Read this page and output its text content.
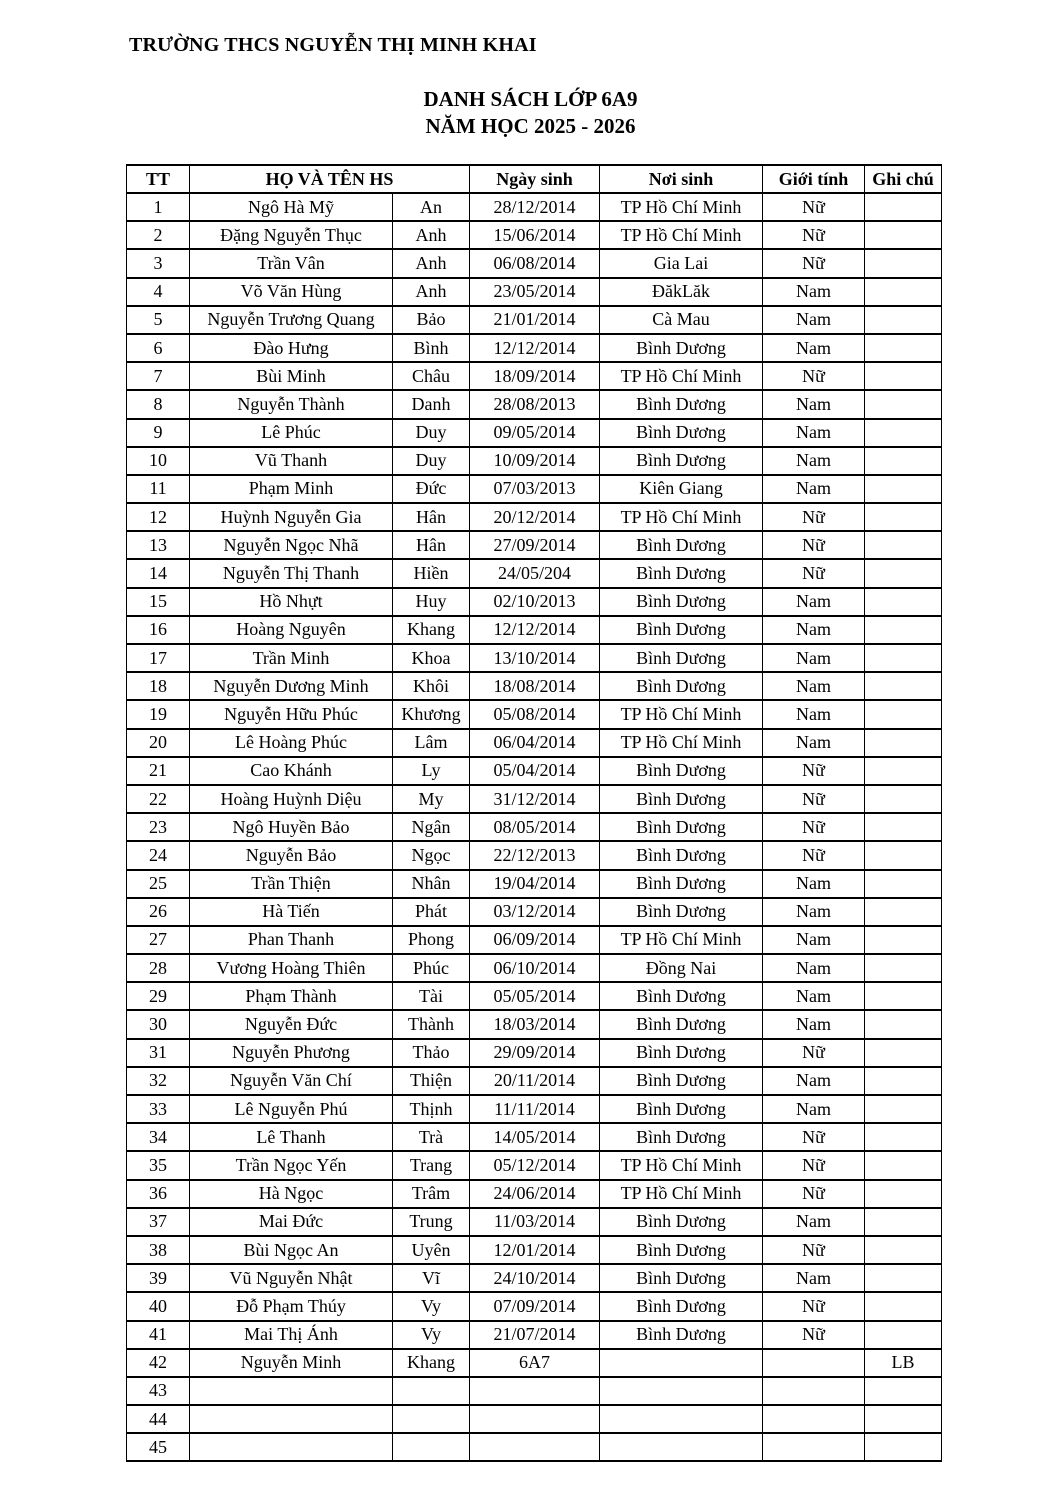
TRƯỜNG THCS NGUYỄN THỊ MINH KHAI
DANH SÁCH LỚP 6A9
NĂM HỌC 2025 - 2026
TT	HỌ VÀ TÊN HS		Ngày sinh	Nơi sinh	Giới tính	Ghi chú
1	Ngô Hà Mỹ	An	28/12/2014	TP Hồ Chí Minh	Nữ	
2	Đặng Nguyễn Thục	Anh	15/06/2014	TP Hồ Chí Minh	Nữ	
3	Trần Vân	Anh	06/08/2014	Gia Lai	Nữ	
4	Võ Văn Hùng	Anh	23/05/2014	ĐăkLăk	Nam	
5	Nguyễn Trương Quang	Bảo	21/01/2014	Cà Mau	Nam	
6	Đào Hưng	Bình	12/12/2014	Bình Dương	Nam	
7	Bùi Minh	Châu	18/09/2014	TP Hồ Chí Minh	Nữ	
8	Nguyễn Thành	Danh	28/08/2013	Bình Dương	Nam	
9	Lê Phúc	Duy	09/05/2014	Bình Dương	Nam	
10	Vũ Thanh	Duy	10/09/2014	Bình Dương	Nam	
11	Phạm Minh	Đức	07/03/2013	Kiên Giang	Nam	
12	Huỳnh Nguyễn Gia	Hân	20/12/2014	TP Hồ Chí Minh	Nữ	
13	Nguyễn Ngọc Nhã	Hân	27/09/2014	Bình Dương	Nữ	
14	Nguyễn Thị Thanh	Hiền	24/05/204	Bình Dương	Nữ	
15	Hồ Nhựt	Huy	02/10/2013	Bình Dương	Nam	
16	Hoàng Nguyên	Khang	12/12/2014	Bình Dương	Nam	
17	Trần Minh	Khoa	13/10/2014	Bình Dương	Nam	
18	Nguyễn Dương Minh	Khôi	18/08/2014	Bình Dương	Nam	
19	Nguyễn Hữu Phúc	Khương	05/08/2014	TP Hồ Chí Minh	Nam	
20	Lê Hoàng Phúc	Lâm	06/04/2014	TP Hồ Chí Minh	Nam	
21	Cao Khánh	Ly	05/04/2014	Bình Dương	Nữ	
22	Hoàng Huỳnh Diệu	My	31/12/2014	Bình Dương	Nữ	
23	Ngô Huyền Bảo	Ngân	08/05/2014	Bình Dương	Nữ	
24	Nguyễn Bảo	Ngọc	22/12/2013	Bình Dương	Nữ	
25	Trần Thiện	Nhân	19/04/2014	Bình Dương	Nam	
26	Hà Tiến	Phát	03/12/2014	Bình Dương	Nam	
27	Phan Thanh	Phong	06/09/2014	TP Hồ Chí Minh	Nam	
28	Vương Hoàng Thiên	Phúc	06/10/2014	Đồng Nai	Nam	
29	Phạm Thành	Tài	05/05/2014	Bình Dương	Nam	
30	Nguyễn Đức	Thành	18/03/2014	Bình Dương	Nam	
31	Nguyễn Phương	Thảo	29/09/2014	Bình Dương	Nữ	
32	Nguyễn Văn Chí	Thiện	20/11/2014	Bình Dương	Nam	
33	Lê Nguyễn Phú	Thịnh	11/11/2014	Bình Dương	Nam	
34	Lê Thanh	Trà	14/05/2014	Bình Dương	Nữ	
35	Trần Ngọc Yến	Trang	05/12/2014	TP Hồ Chí Minh	Nữ	
36	Hà Ngọc	Trâm	24/06/2014	TP Hồ Chí Minh	Nữ	
37	Mai Đức	Trung	11/03/2014	Bình Dương	Nam	
38	Bùi Ngọc An	Uyên	12/01/2014	Bình Dương	Nữ	
39	Vũ Nguyễn Nhật	Vĩ	24/10/2014	Bình Dương	Nam	
40	Đỗ Phạm Thúy	Vy	07/09/2014	Bình Dương	Nữ	
41	Mai Thị Ánh	Vy	21/07/2014	Bình Dương	Nữ	
42	Nguyễn Minh	Khang	6A7			LB
43						
44						
45						
